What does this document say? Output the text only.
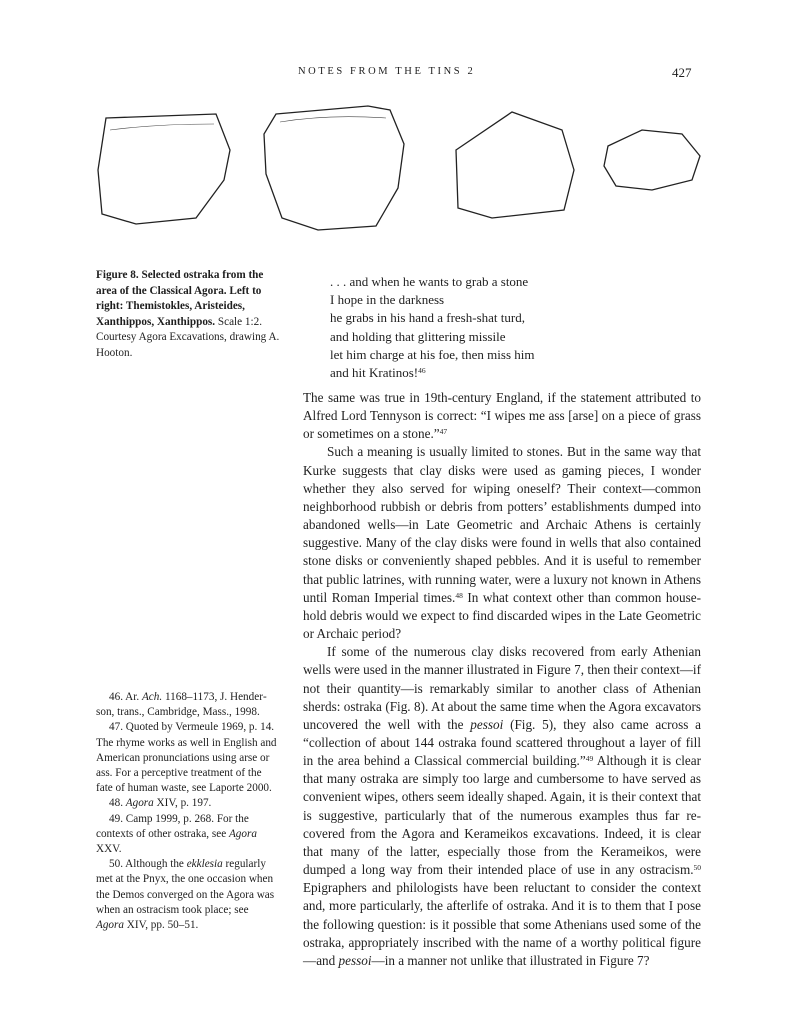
NOTES FROM THE TINS 2	427
Figure 8. Selected ostraka from the area of the Classical Agora. Left to right: Themistokles, Aristeides, Xanthippos, Xanthippos. Scale 1:2. Courtesy Agora Excavations, drawing A. Hooton.
. . . and when he wants to grab a stone
I hope in the darkness
he grabs in his hand a fresh-shat turd,
and holding that glittering missile
let him charge at his foe, then miss him
and hit Kratinos!$^{46}$

The same was true in 19th-century England, if the statement attributed to Alfred Lord Tennyson is correct: “I wipes me ass [arse] on a piece of grass or sometimes on a stone.”$^{47}$

Such a meaning is usually limited to stones. But in the same way that Kurke suggests that clay disks were used as gaming pieces, I wonder whether they also served for wiping oneself? Their context—common neighborhood rubbish or debris from potters’ establishments dumped into abandoned wells—in Late Geometric and Archaic Athens is certainly suggestive. Many of the clay disks were found in wells that also contained stone disks or conveniently shaped pebbles. And it is useful to remember that public latrines, with running water, were a luxury not known in Athens until Roman Imperial times.$^{48}$ In what context other than common household debris would we expect to find discarded wipes in the Late Geometric or Archaic period?

If some of the numerous clay disks recovered from early Athenian wells were used in the manner illustrated in Figure 7, then their context—if not their quantity—is remarkably similar to another class of Athenian sherds: ostraka (Fig. 8). At about the same time when the Agora excavators uncovered the well with the pessoi (Fig. 5), they also came across a “collection of about 144 ostraka found scattered throughout a layer of fill in the area behind a Classical commercial building.”$^{49}$ Although it is clear that many ostraka are simply too large and cumbersome to have served as convenient wipes, others seem ideally shaped. Again, it is their context that is suggestive, particularly that of the numerous examples thus far recovered from the Agora and Kerameikos excavations. Indeed, it is clear that many of the latter, especially those from the Kerameikos, were dumped a long way from their intended place of use in any ostracism.$^{50}$ Epigraphers and philologists have been reluctant to consider the context and, more particularly, the afterlife of ostraka. And it is to them that I pose the following question: is it possible that some Athenians used some of the ostraka, appropriately inscribed with the name of a worthy political figure—and pessoi—in a manner not unlike that illustrated in Figure 7?

46. Ar. Ach. 1168–1173, J. Henderson, trans., Cambridge, Mass., 1998.

47. Quoted by Vermeule 1969, p. 14. The rhyme works as well in English and American pronunciations using arse or ass. For a perceptive treatment of the fate of human waste, see Laporte 2000.

48. Agora XIV, p. 197.

49. Camp 1999, p. 268. For the contexts of other ostraka, see Agora XXV.

50. Although the ekklesia regularly met at the Pnyx, the one occasion when the Demos converged on the Agora was when an ostracism took place; see Agora XIV, pp. 50–51.
